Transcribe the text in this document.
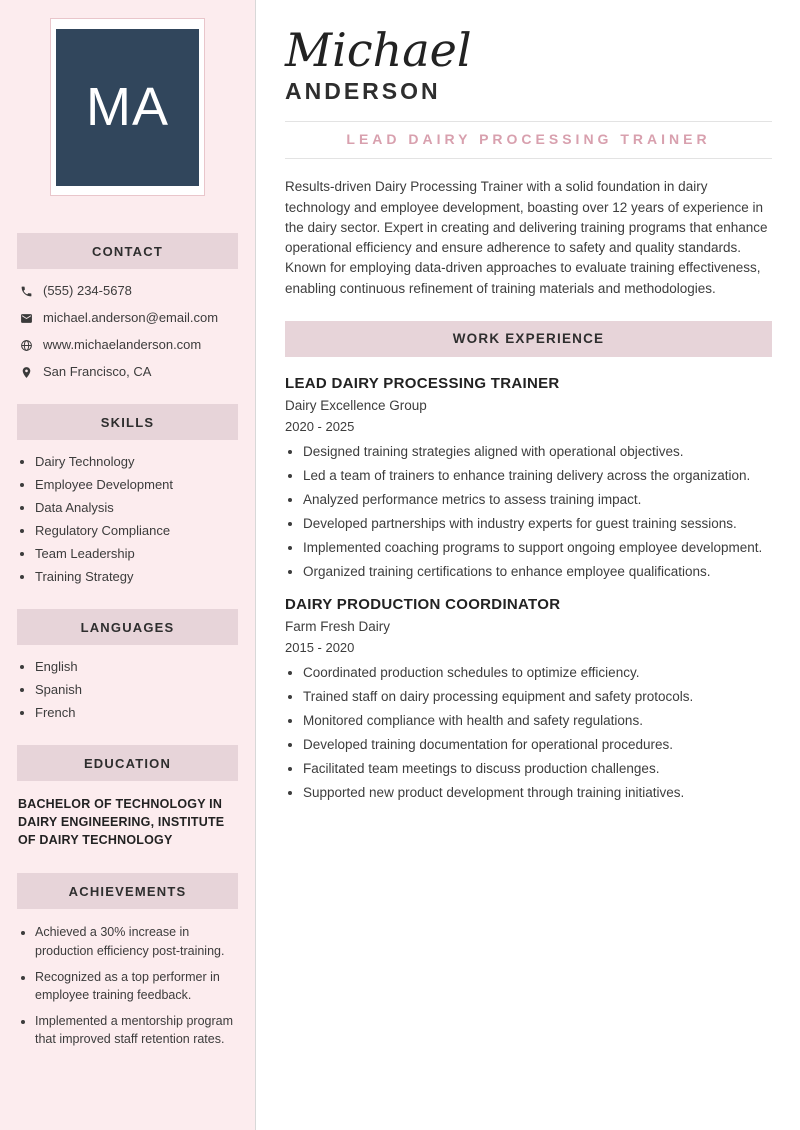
MA
CONTACT
(555) 234-5678
michael.anderson@email.com
www.michaelanderson.com
San Francisco, CA
SKILLS
• Dairy Technology
• Employee Development
• Data Analysis
• Regulatory Compliance
• Team Leadership
• Training Strategy
LANGUAGES
• English
• Spanish
• French
EDUCATION
BACHELOR OF TECHNOLOGY IN DAIRY ENGINEERING, INSTITUTE OF DAIRY TECHNOLOGY
ACHIEVEMENTS
• Achieved a 30% increase in production efficiency post-training.
• Recognized as a top performer in employee training feedback.
• Implemented a mentorship program that improved staff retention rates.
Michael
ANDERSON
LEAD DAIRY PROCESSING TRAINER

Results-driven Dairy Processing Trainer with a solid foundation in dairy technology and employee development, boasting over 12 years of experience in the dairy sector. Expert in creating and delivering training programs that enhance operational efficiency and ensure adherence to safety and quality standards. Known for employing data-driven approaches to evaluate training effectiveness, enabling continuous refinement of training materials and methodologies.

WORK EXPERIENCE
LEAD DAIRY PROCESSING TRAINER
Dairy Excellence Group
2020 - 2025
• Designed training strategies aligned with operational objectives.
• Led a team of trainers to enhance training delivery across the organization.
• Analyzed performance metrics to assess training impact.
• Developed partnerships with industry experts for guest training sessions.
• Implemented coaching programs to support ongoing employee development.
• Organized training certifications to enhance employee qualifications.
DAIRY PRODUCTION COORDINATOR
Farm Fresh Dairy
2015 - 2020
• Coordinated production schedules to optimize efficiency.
• Trained staff on dairy processing equipment and safety protocols.
• Monitored compliance with health and safety regulations.
• Developed training documentation for operational procedures.
• Facilitated team meetings to discuss production challenges.
• Supported new product development through training initiatives.
